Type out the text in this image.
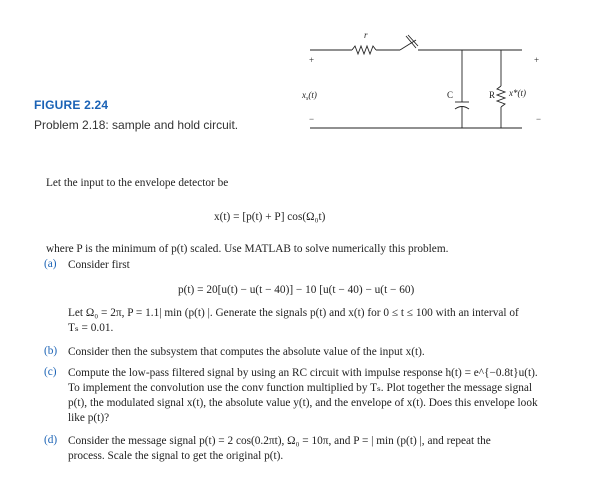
r
+
$x_s(t)$
−
C	R x*(t)
+
−
FIGURE 2.24
Problem 2.18: sample and hold circuit.
Let the input to the envelope detector be
x(t) = [p(t) + P] cos(Ω₀t)
where P is the minimum of p(t) scaled. Use MATLAB to solve numerically this problem.
(a) Consider first
p(t) = 20[u(t) − u(t − 40)] − 10 [u(t − 40) − u(t − 60)
Let Ω₀ = 2π, P = 1.1| min (p(t) |. Generate the signals p(t) and x(t) for 0 ≤ t ≤ 100 with an interval of
Tₛ = 0.01.
(b) Consider then the subsystem that computes the absolute value of the input x(t).
(c) Compute the low-pass filtered signal by using an RC circuit with impulse response h(t) = e^{−0.8t}u(t).
To implement the convolution use the conv function multiplied by Tₛ. Plot together the message signal
p(t), the modulated signal x(t), the absolute value y(t), and the envelope of x(t). Does this envelope look
like p(t)?
(d) Consider the message signal p(t) = 2 cos(0.2πt), Ω₀ = 10π, and P = | min (p(t) |, and repeat the
process. Scale the signal to get the original p(t).
